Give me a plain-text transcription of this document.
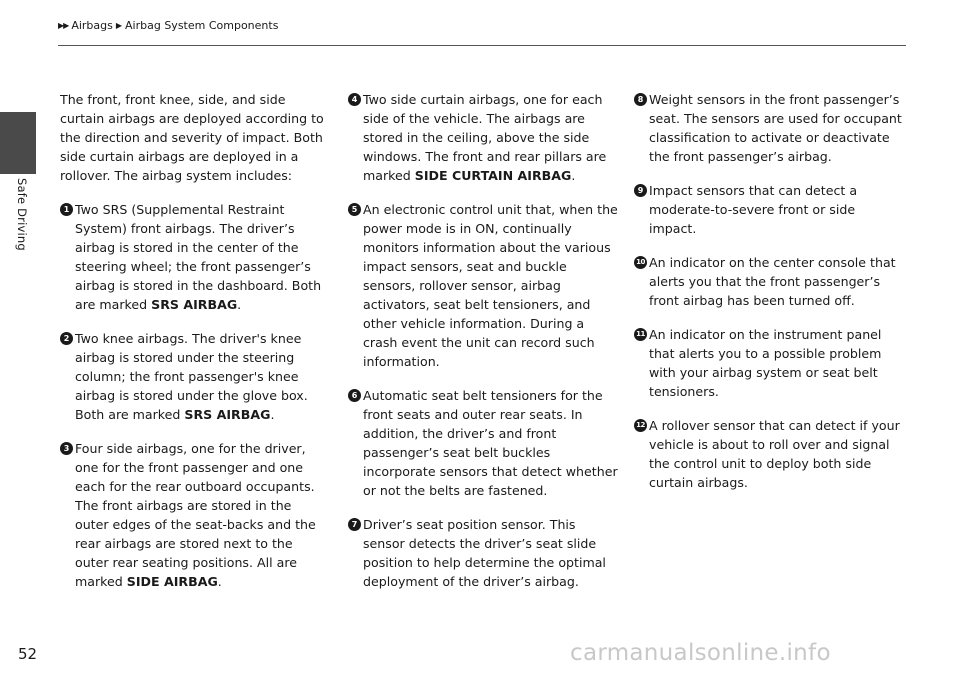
▶▶ Airbags ▶ Airbag System Components
Safe Driving

The front, front knee, side, and side curtain airbags are deployed according to the direction and severity of impact. Both side curtain airbags are deployed in a rollover. The airbag system includes:

1 Two SRS (Supplemental Restraint System) front airbags. The driver’s airbag is stored in the center of the steering wheel; the front passenger’s airbag is stored in the dashboard. Both are marked SRS AIRBAG.
2 Two knee airbags. The driver's knee airbag is stored under the steering column; the front passenger's knee airbag is stored under the glove box. Both are marked SRS AIRBAG.
3 Four side airbags, one for the driver, one for the front passenger and one each for the rear outboard occupants. The front airbags are stored in the outer edges of the seat-backs and the rear airbags are stored next to the outer rear seating positions. All are marked SIDE AIRBAG.
4 Two side curtain airbags, one for each side of the vehicle. The airbags are stored in the ceiling, above the side windows. The front and rear pillars are marked SIDE CURTAIN AIRBAG.
5 An electronic control unit that, when the power mode is in ON, continually monitors information about the various impact sensors, seat and buckle sensors, rollover sensor, airbag activators, seat belt tensioners, and other vehicle information. During a crash event the unit can record such information.
6 Automatic seat belt tensioners for the front seats and outer rear seats. In addition, the driver’s and front passenger’s seat belt buckles incorporate sensors that detect whether or not the belts are fastened.
7 Driver’s seat position sensor. This sensor detects the driver’s seat slide position to help determine the optimal deployment of the driver’s airbag.
8 Weight sensors in the front passenger’s seat. The sensors are used for occupant classification to activate or deactivate the front passenger’s airbag.
9 Impact sensors that can detect a moderate-to-severe front or side impact.
10 An indicator on the center console that alerts you that the front passenger’s front airbag has been turned off.
11 An indicator on the instrument panel that alerts you to a possible problem with your airbag system or seat belt tensioners.
12 A rollover sensor that can detect if your vehicle is about to roll over and signal the control unit to deploy both side curtain airbags.
52	carmanualsonline.info
